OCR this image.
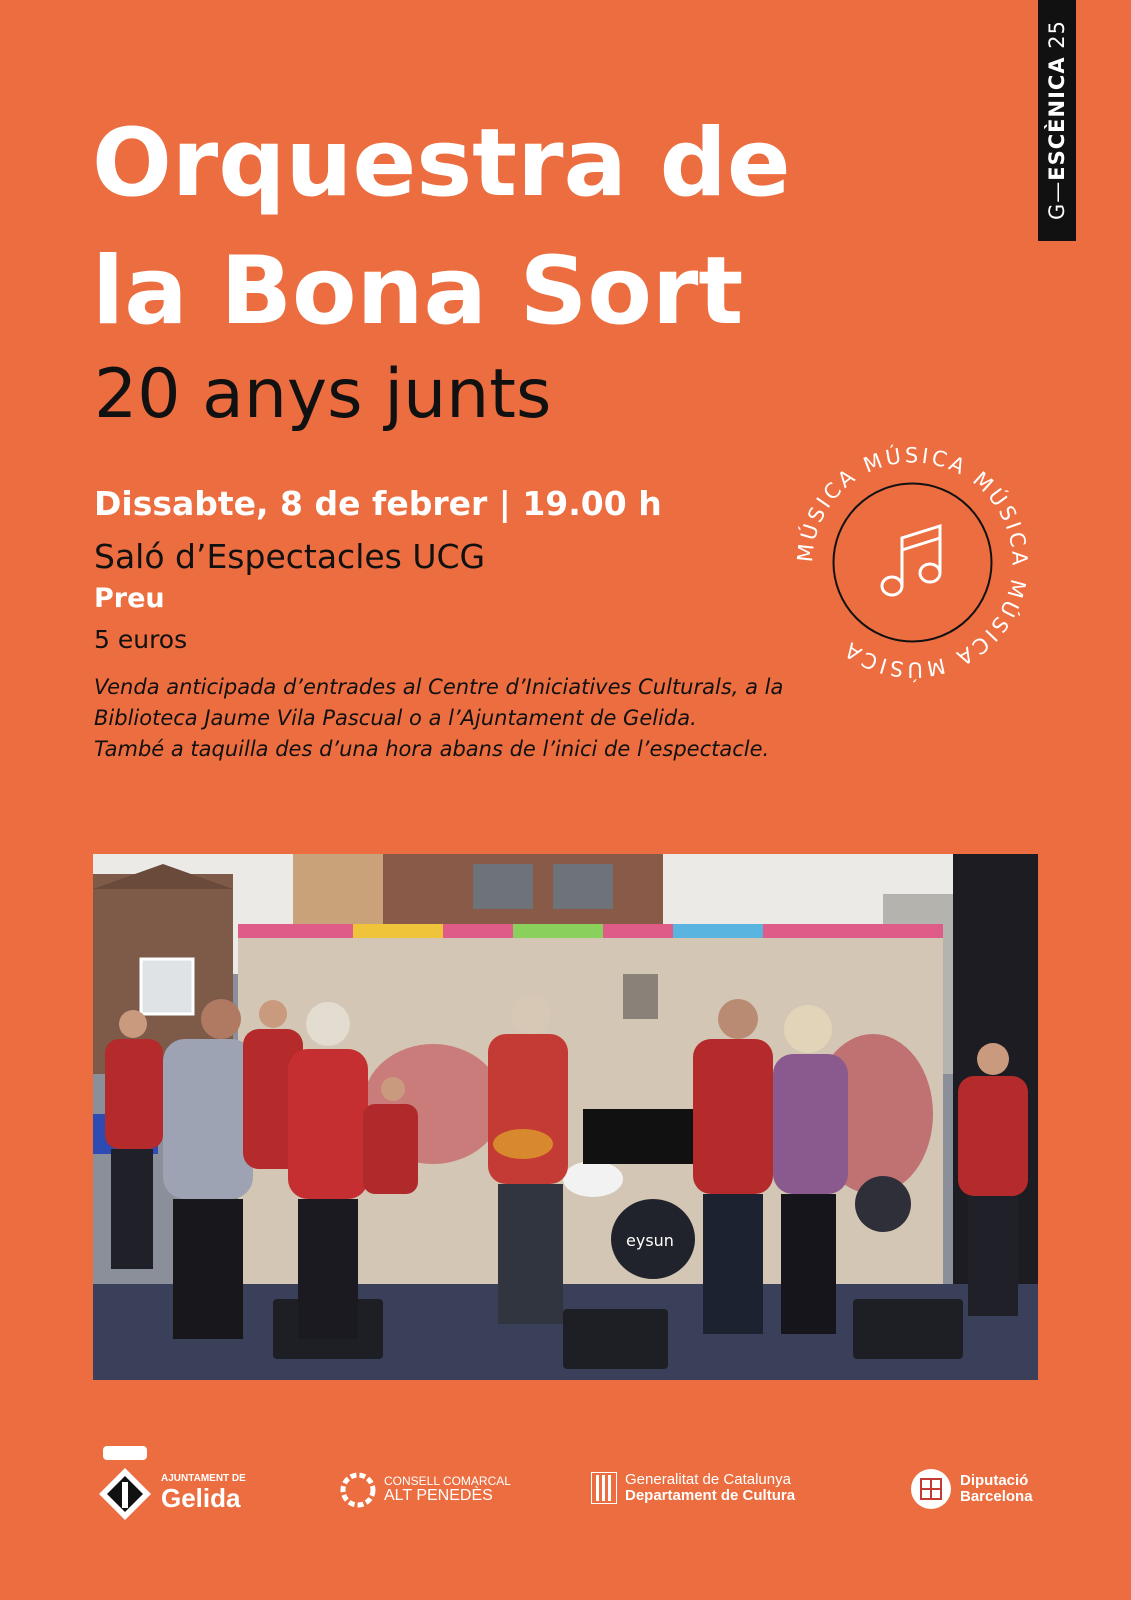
G—ESCÈNICA 25
Orquestra de
la Bona Sort
20 anys junts
Dissabte, 8 de febrer | 19.00 h
Saló d’Espectacles UCG
Preu
5 euros
Venda anticipada d’entrades al Centre d’Iniciatives Culturals, a la
Biblioteca Jaume Vila Pascual o a l’Ajuntament de Gelida.
També a taquilla des d’una hora abans de l’inici de l’espectacle.
MÚSICA MÚSICA MÚSICA MÚSICA MÚSICA
eysun
AJUNTAMENT DE
Gelida
CONSELL COMARCAL
ALT PENEDÈS
Generalitat de Catalunya
Departament de Cultura
Diputació
Barcelona
